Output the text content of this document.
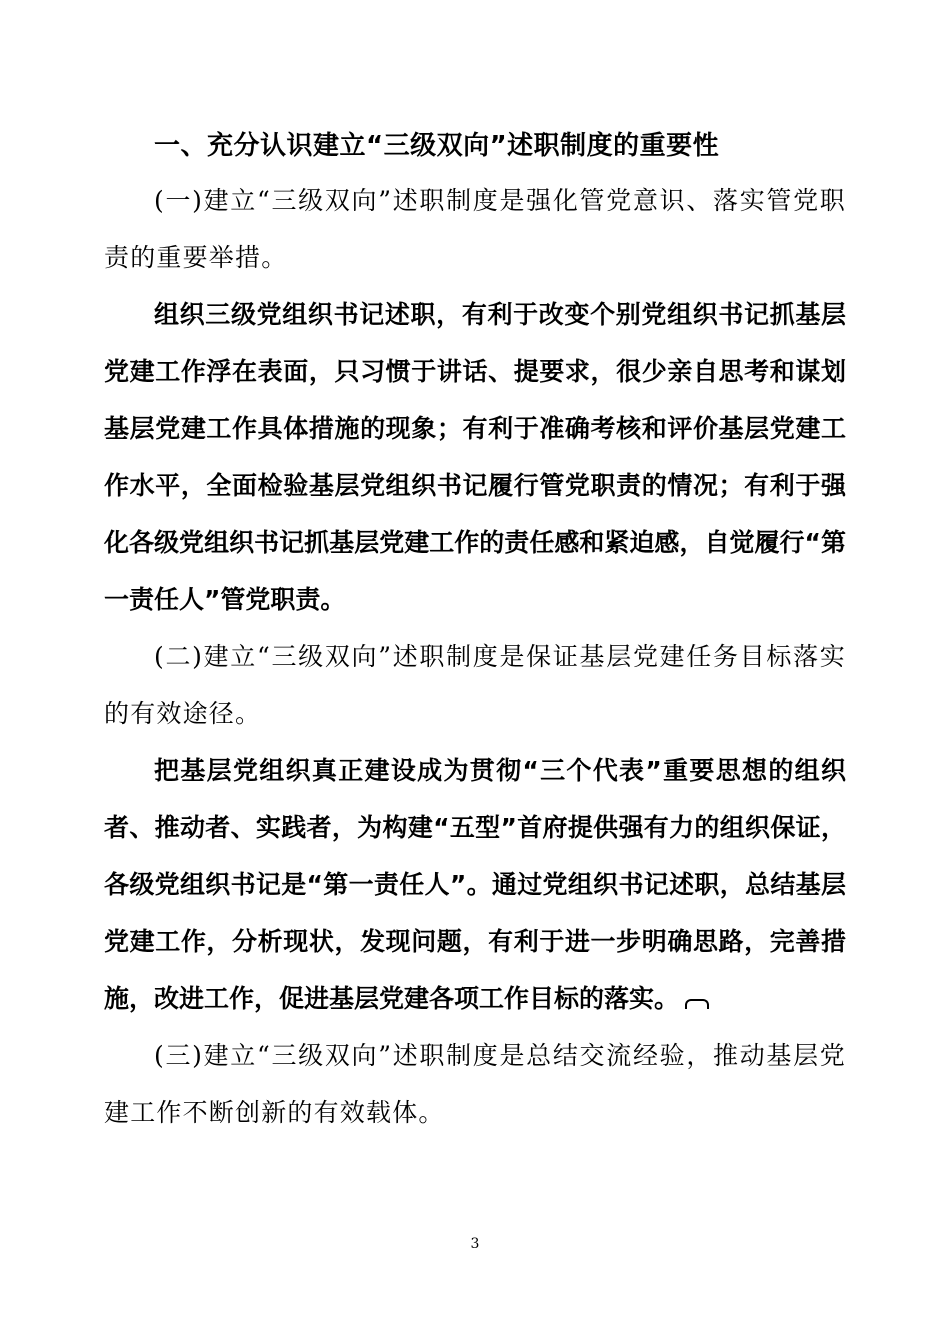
一、充分认识建立“三级双向”述职制度的重要性

(一)建立“三级双向”述职制度是强化管党意识、落实管党职责的重要举措。

组织三级党组织书记述职，有利于改变个别党组织书记抓基层党建工作浮在表面，只习惯于讲话、提要求，很少亲自思考和谋划基层党建工作具体措施的现象；有利于准确考核和评价基层党建工作水平，全面检验基层党组织书记履行管党职责的情况；有利于强化各级党组织书记抓基层党建工作的责任感和紧迫感，自觉履行“第一责任人”管党职责。

(二)建立“三级双向”述职制度是保证基层党建任务目标落实的有效途径。

把基层党组织真正建设成为贯彻“三个代表”重要思想的组织者、推动者、实践者，为构建“五型”首府提供强有力的组织保证，各级党组织书记是“第一责任人”。通过党组织书记述职，总结基层党建工作，分析现状，发现问题，有利于进一步明确思路，完善措施，改进工作，促进基层党建各项工作目标的落实。

(三)建立“三级双向”述职制度是总结交流经验，推动基层党建工作不断创新的有效载体。

3
